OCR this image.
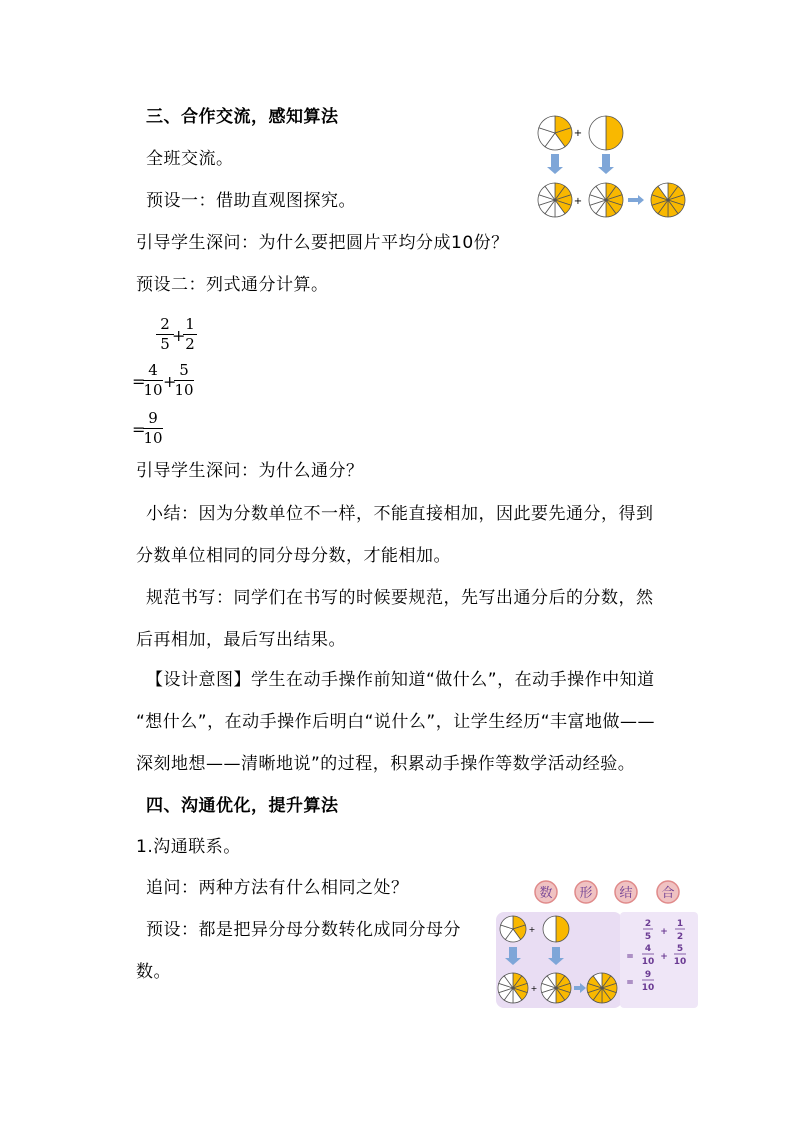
三、合作交流，感知算法
全班交流。
预设一：借助直观图探究。
引导学生深问：为什么要把圆片平均分成10份？
预设二：列式通分计算。
2
5 +
1
2
=
4
10 +
5
10
=
9
10
引导学生深问：为什么通分？
小结：因为分数单位不一样，不能直接相加，因此要先通分，得到
分数单位相同的同分母分数，才能相加。
规范书写：同学们在书写的时候要规范，先写出通分后的分数，然
后再相加，最后写出结果。
【设计意图】学生在动手操作前知道“做什么”，在动手操作中知道
“想什么”，在动手操作后明白“说什么”，让学生经历“丰富地做——
深刻地想——清晰地说”的过程，积累动手操作等数学活动经验。
四、沟通优化，提升算法
1.沟通联系。
追问：两种方法有什么相同之处？
预设：都是把异分母分数转化成同分母分
数。
+
+
数 形 结 合
+
+
2
5 +
1
2
=
4
10 +
5
10
=
9
10
